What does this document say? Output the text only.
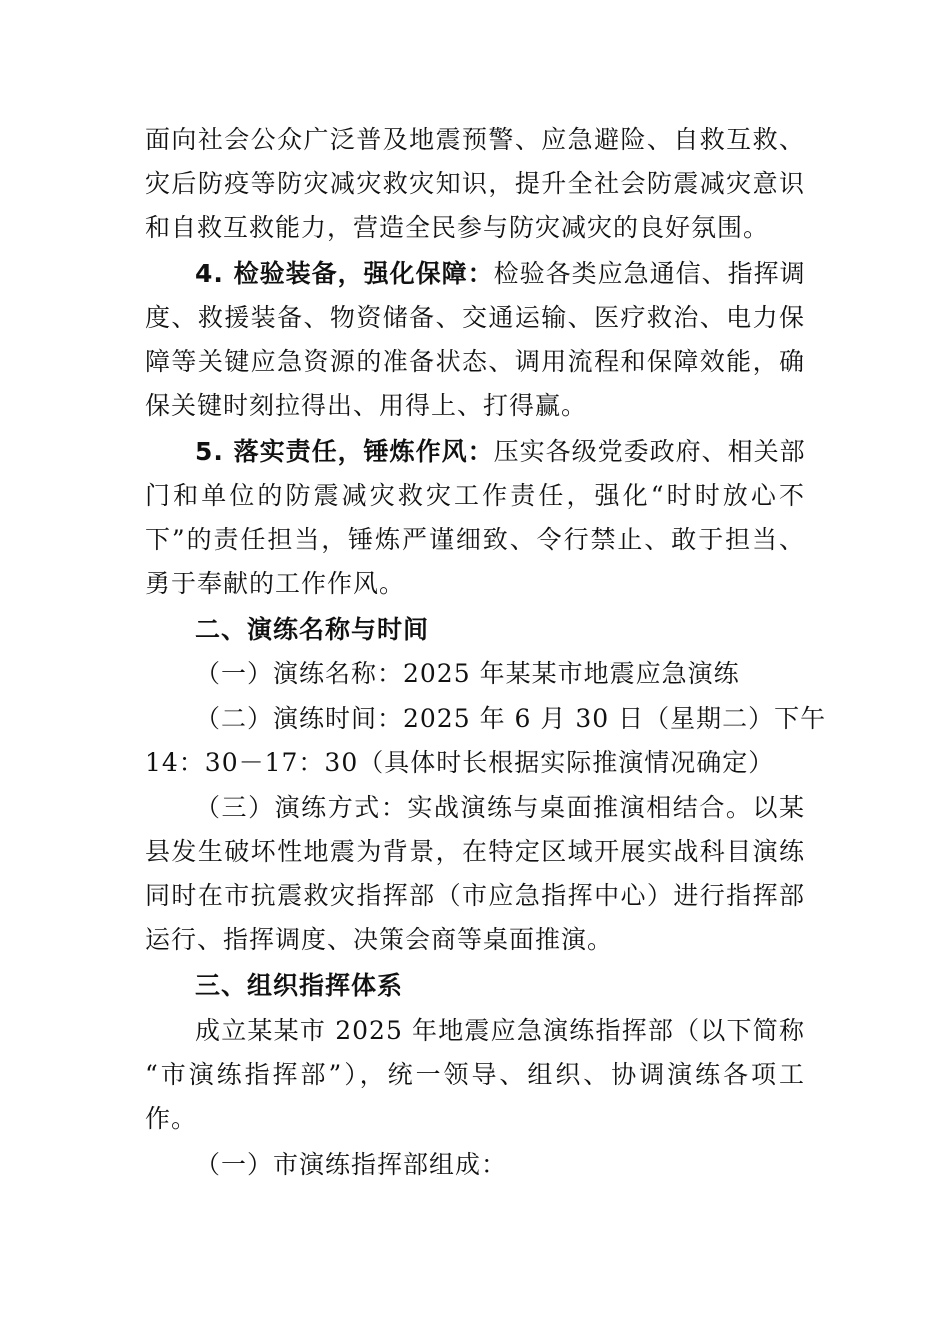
面向社会公众广泛普及地震预警、应急避险、自救互救、
灾后防疫等防灾减灾救灾知识，提升全社会防震减灾意识
和自救互救能力，营造全民参与防灾减灾的良好氛围。
4. 检验装备，强化保障：检验各类应急通信、指挥调
度、救援装备、物资储备、交通运输、医疗救治、电力保
障等关键应急资源的准备状态、调用流程和保障效能，确
保关键时刻拉得出、用得上、打得赢。
5. 落实责任，锤炼作风：压实各级党委政府、相关部
门和单位的防震减灾救灾工作责任，强化“时时放心不
下”的责任担当，锤炼严谨细致、令行禁止、敢于担当、
勇于奉献的工作作风。
二、演练名称与时间
（一）演练名称：2025 年某某市地震应急演练
（二）演练时间：2025 年 6 月 30 日（星期二）下午
14：30－17：30（具体时长根据实际推演情况确定）
（三）演练方式：实战演练与桌面推演相结合。以某
县发生破坏性地震为背景，在特定区域开展实战科目演练
同时在市抗震救灾指挥部（市应急指挥中心）进行指挥部
运行、指挥调度、决策会商等桌面推演。
三、组织指挥体系
成立某某市 2025 年地震应急演练指挥部（以下简称
“市演练指挥部”），统一领导、组织、协调演练各项工
作。
（一）市演练指挥部组成：
